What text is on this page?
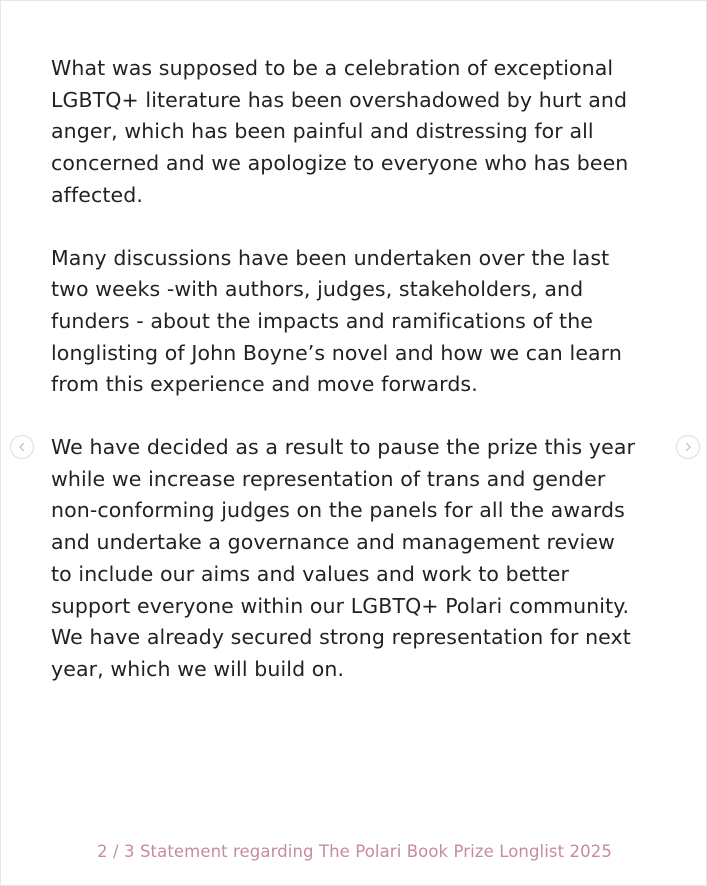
What was supposed to be a celebration of exceptional
LGBTQ+ literature has been overshadowed by hurt and
anger, which has been painful and distressing for all
concerned and we apologize to everyone who has been
affected.

Many discussions have been undertaken over the last
two weeks -with authors, judges, stakeholders, and
funders - about the impacts and ramifications of the
longlisting of John Boyne’s novel and how we can learn
from this experience and move forwards.

We have decided as a result to pause the prize this year
while we increase representation of trans and gender
non-conforming judges on the panels for all the awards
and undertake a governance and management review
to include our aims and values and work to better
support everyone within our LGBTQ+ Polari community.
We have already secured strong representation for next
year, which we will build on.

2 / 3 Statement regarding The Polari Book Prize Longlist 2025
